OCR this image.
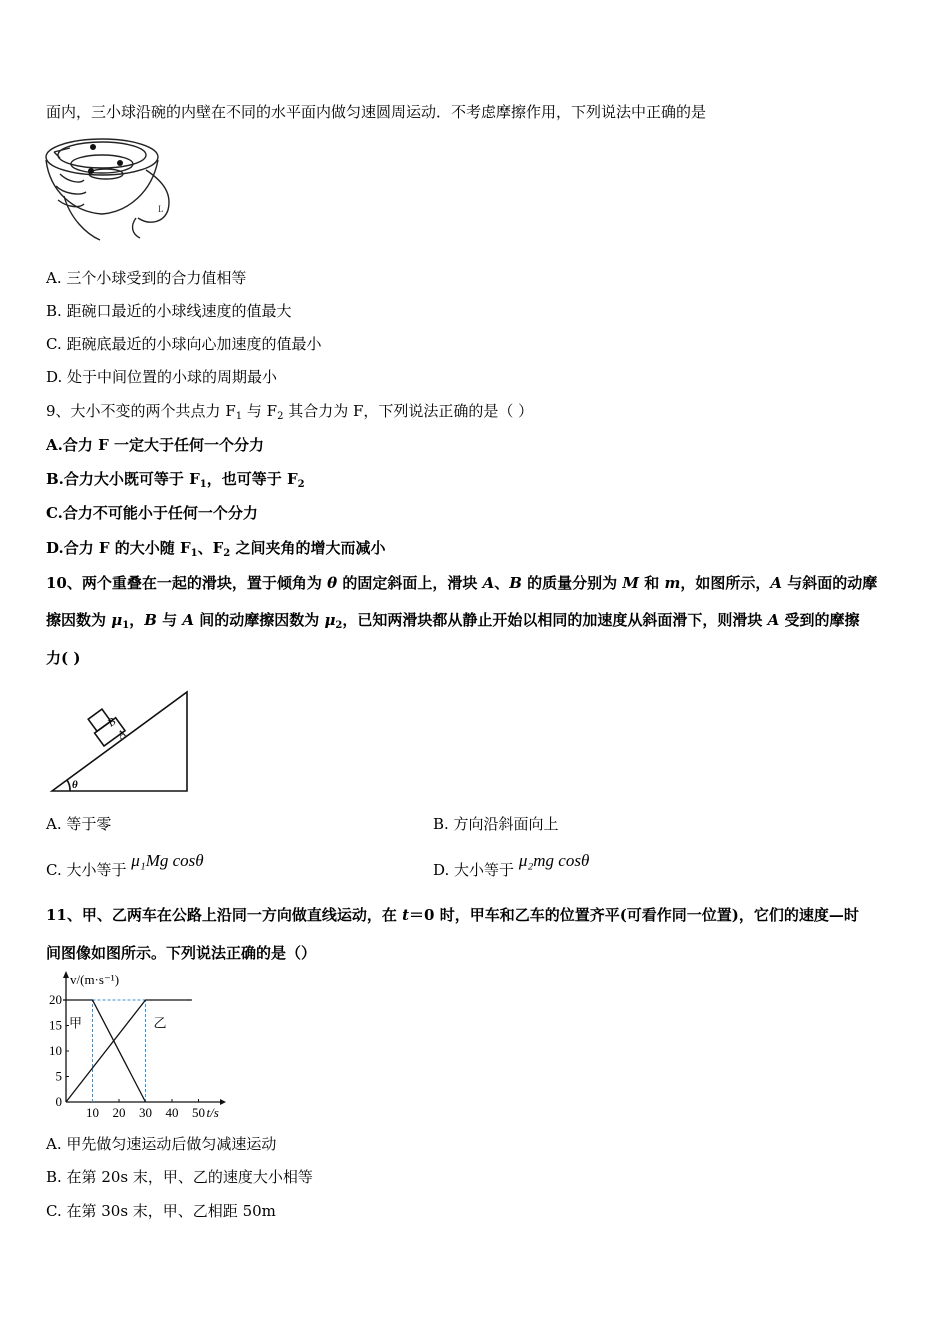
面内，三小球沿碗的内壁在不同的水平面内做匀速圆周运动．不考虑摩擦作用，下列说法中正确的是
L
A. 三个小球受到的合力值相等
B. 距碗口最近的小球线速度的值最大
C. 距碗底最近的小球向心加速度的值最小
D. 处于中间位置的小球的周期最小
9、大小不变的两个共点力 $F_1$ 与 $F_2$ 其合力为 F，下列说法正确的是（ ）
A.合力 F 一定大于任何一个分力
B.合力大小既可等于 $F_1$，也可等于 $F_2$
C.合力不可能小于任何一个分力
D.合力 F 的大小随 $F_1$、$F_2$ 之间夹角的增大而减小
10、两个重叠在一起的滑块，置于倾角为 θ 的固定斜面上，滑块 A、B 的质量分别为 M 和 m，如图所示，A 与斜面的动摩
擦因数为 $\mu_1$，B 与 A 间的动摩擦因数为 $\mu_2$，已知两滑块都从静止开始以相同的加速度从斜面滑下，则滑块 A 受到的摩擦
力( )
B
A
θ
A. 等于零	B. 方向沿斜面向上
C. 大小等于 μ₁Mg cosθ	D. 大小等于 μ₂mg cosθ
11、甲、乙两车在公路上沿同一方向做直线运动，在 t＝0 时，甲车和乙车的位置齐平(可看作同一位置)，它们的速度—时
间图像如图所示。下列说法正确的是（）
0
5
10
15
20
10 20 30 40 50 t/s
v/(m·s⁻¹)
甲	乙
A. 甲先做匀速运动后做匀减速运动
B. 在第 20s 末，甲、乙的速度大小相等
C. 在第 30s 末，甲、乙相距 50m
